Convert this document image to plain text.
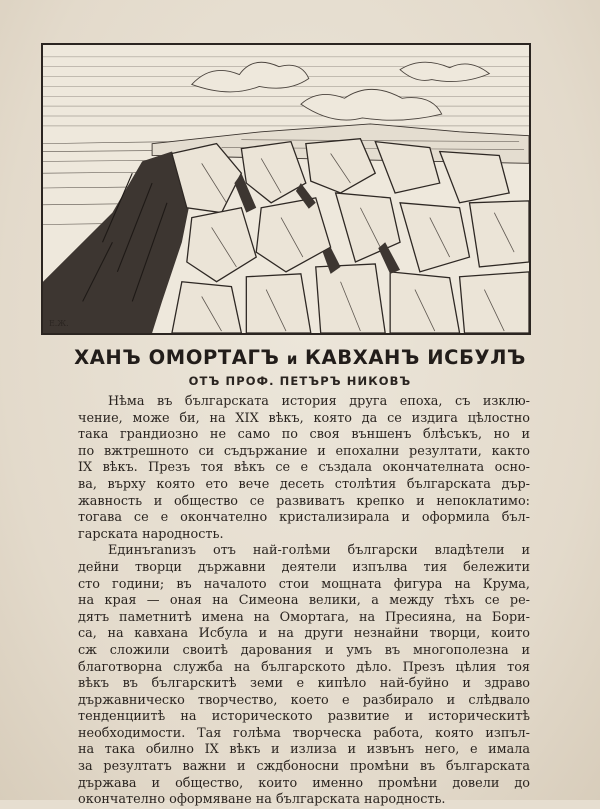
Е.Ж.
ХАНЪ ОМОРТАГЪ и КАВХАНЪ ИСБУЛЪ
ОТЪ ПРОФ. ПЕТЪРЪ НИКОВЪ
Нѣма въ българската история друга епоха, съ изклю-
чение, може би, на XIX вѣкъ, която да се издига цѣлостно
така грандиозно не само по своя външенъ блѣсъкъ, но и
по вжтрешното си съдържание и епохални резултати, както
IX вѣкъ. Презъ тоя вѣкъ се е създала окончателната осно-
ва, върху която ето вече десеть столѣтия българската дър-
жавность и общество се развиватъ крепко и непоклатимо:
тогава се е окончателно кристализирала и оформила бъл-
гарската народность.
Единъranизъ отъ най-голѣми български владѣтели и
дейни творци държавни деятели изпълва тия бележити
сто години; въ началото стои мощната фигура на Крума,
на края — оная на Симеона велики, а между тѣхъ се ре-
дятъ паметнитѣ имена на Омортага, на Пресияна, на Бори-
са, на кавхана Исбула и на други незнайни творци, които
сж сложили своитѣ дарования и умъ въ многополезна и
благотворна служба на българското дѣло. Презъ цѣлия тоя
вѣкъ въ българскитѣ земи е кипѣло най-буйно и здраво
държавническо творчество, което е разбирало и слѣдвало
тенденциитѣ на историческото развитие и историческитѣ
необходимости. Тая голѣма творческа работа, която изпъл-
на така обилно IX вѣкъ и излиза и извънъ него, е имала
за резултатъ важни и сждбоносни промѣни въ българската
държава и общество, които именно промѣни довели до
окончателно оформяване на българската народность.
